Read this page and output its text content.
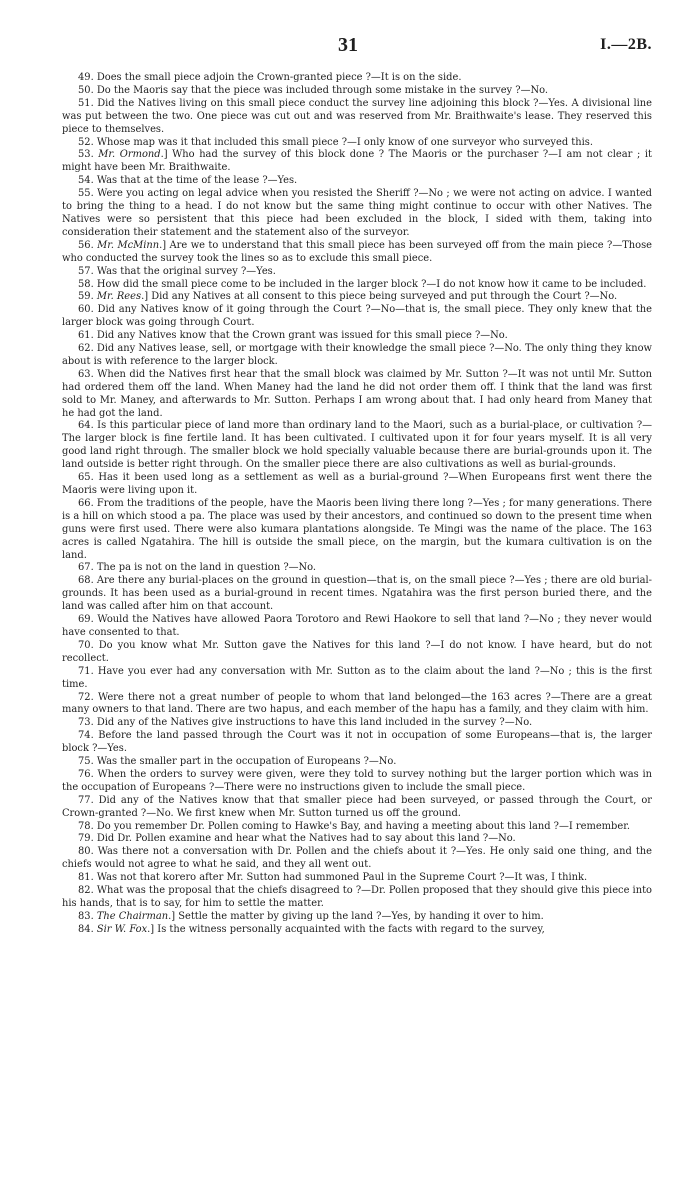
31	I.—2B.

49. Does the small piece adjoin the Crown-granted piece ?—It is on the side.

50. Do the Maoris say that the piece was included through some mistake in the survey ?—No.

51. Did the Natives living on this small piece conduct the survey line adjoining this block ?—Yes. A divisional line was put between the two. One piece was cut out and was reserved from Mr. Braithwaite's lease. They reserved this piece to themselves.

52. Whose map was it that included this small piece ?—I only know of one surveyor who surveyed this.

53. Mr. Ormond.] Who had the survey of this block done ? The Maoris or the purchaser ?—I am not clear ; it might have been Mr. Braithwaite.

54. Was that at the time of the lease ?—Yes.

55. Were you acting on legal advice when you resisted the Sheriff ?—No ; we were not acting on advice. I wanted to bring the thing to a head. I do not know but the same thing might continue to occur with other Natives. The Natives were so persistent that this piece had been excluded in the block, I sided with them, taking into consideration their statement and the statement also of the surveyor.

56. Mr. McMinn.] Are we to understand that this small piece has been surveyed off from the main piece ?—Those who conducted the survey took the lines so as to exclude this small piece.

57. Was that the original survey ?—Yes.

58. How did the small piece come to be included in the larger block ?—I do not know how it came to be included.

59. Mr. Rees.] Did any Natives at all consent to this piece being surveyed and put through the Court ?—No.

60. Did any Natives know of it going through the Court ?—No—that is, the small piece. They only knew that the larger block was going through Court.

61. Did any Natives know that the Crown grant was issued for this small piece ?—No.

62. Did any Natives lease, sell, or mortgage with their knowledge the small piece ?—No. The only thing they know about is with reference to the larger block.

63. When did the Natives first hear that the small block was claimed by Mr. Sutton ?—It was not until Mr. Sutton had ordered them off the land. When Maney had the land he did not order them off. I think that the land was first sold to Mr. Maney, and afterwards to Mr. Sutton. Perhaps I am wrong about that. I had only heard from Maney that he had got the land.

64. Is this particular piece of land more than ordinary land to the Maori, such as a burial-place, or cultivation ?—The larger block is fine fertile land. It has been cultivated. I cultivated upon it for four years myself. It is all very good land right through. The smaller block we hold specially valuable because there are burial-grounds upon it. The land outside is better right through. On the smaller piece there are also cultivations as well as burial-grounds.

65. Has it been used long as a settlement as well as a burial-ground ?—When Europeans first went there the Maoris were living upon it.

66. From the traditions of the people, have the Maoris been living there long ?—Yes ; for many generations. There is a hill on which stood a pa. The place was used by their ancestors, and continued so down to the present time when guns were first used. There were also kumara plantations alongside. Te Mingi was the name of the place. The 163 acres is called Ngatahira. The hill is outside the small piece, on the margin, but the kumara cultivation is on the land.

67. The pa is not on the land in question ?—No.

68. Are there any burial-places on the ground in question—that is, on the small piece ?—Yes ; there are old burial-grounds. It has been used as a burial-ground in recent times. Ngatahira was the first person buried there, and the land was called after him on that account.

69. Would the Natives have allowed Paora Torotoro and Rewi Haokore to sell that land ?—No ; they never would have consented to that.

70. Do you know what Mr. Sutton gave the Natives for this land ?—I do not know. I have heard, but do not recollect.

71. Have you ever had any conversation with Mr. Sutton as to the claim about the land ?—No ; this is the first time.

72. Were there not a great number of people to whom that land belonged—the 163 acres ?—There are a great many owners to that land. There are two hapus, and each member of the hapu has a family, and they claim with him.

73. Did any of the Natives give instructions to have this land included in the survey ?—No.

74. Before the land passed through the Court was it not in occupation of some Europeans—that is, the larger block ?—Yes.

75. Was the smaller part in the occupation of Europeans ?—No.

76. When the orders to survey were given, were they told to survey nothing but the larger portion which was in the occupation of Europeans ?—There were no instructions given to include the small piece.

77. Did any of the Natives know that that smaller piece had been surveyed, or passed through the Court, or Crown-granted ?—No. We first knew when Mr. Sutton turned us off the ground.

78. Do you remember Dr. Pollen coming to Hawke's Bay, and having a meeting about this land ?—I remember.

79. Did Dr. Pollen examine and hear what the Natives had to say about this land ?—No.

80. Was there not a conversation with Dr. Pollen and the chiefs about it ?—Yes. He only said one thing, and the chiefs would not agree to what he said, and they all went out.

81. Was not that korero after Mr. Sutton had summoned Paul in the Supreme Court ?—It was, I think.

82. What was the proposal that the chiefs disagreed to ?—Dr. Pollen proposed that they should give this piece into his hands, that is to say, for him to settle the matter.

83. The Chairman.] Settle the matter by giving up the land ?—Yes, by handing it over to him.

84. Sir W. Fox.] Is the witness personally acquainted with the facts with regard to the survey,
